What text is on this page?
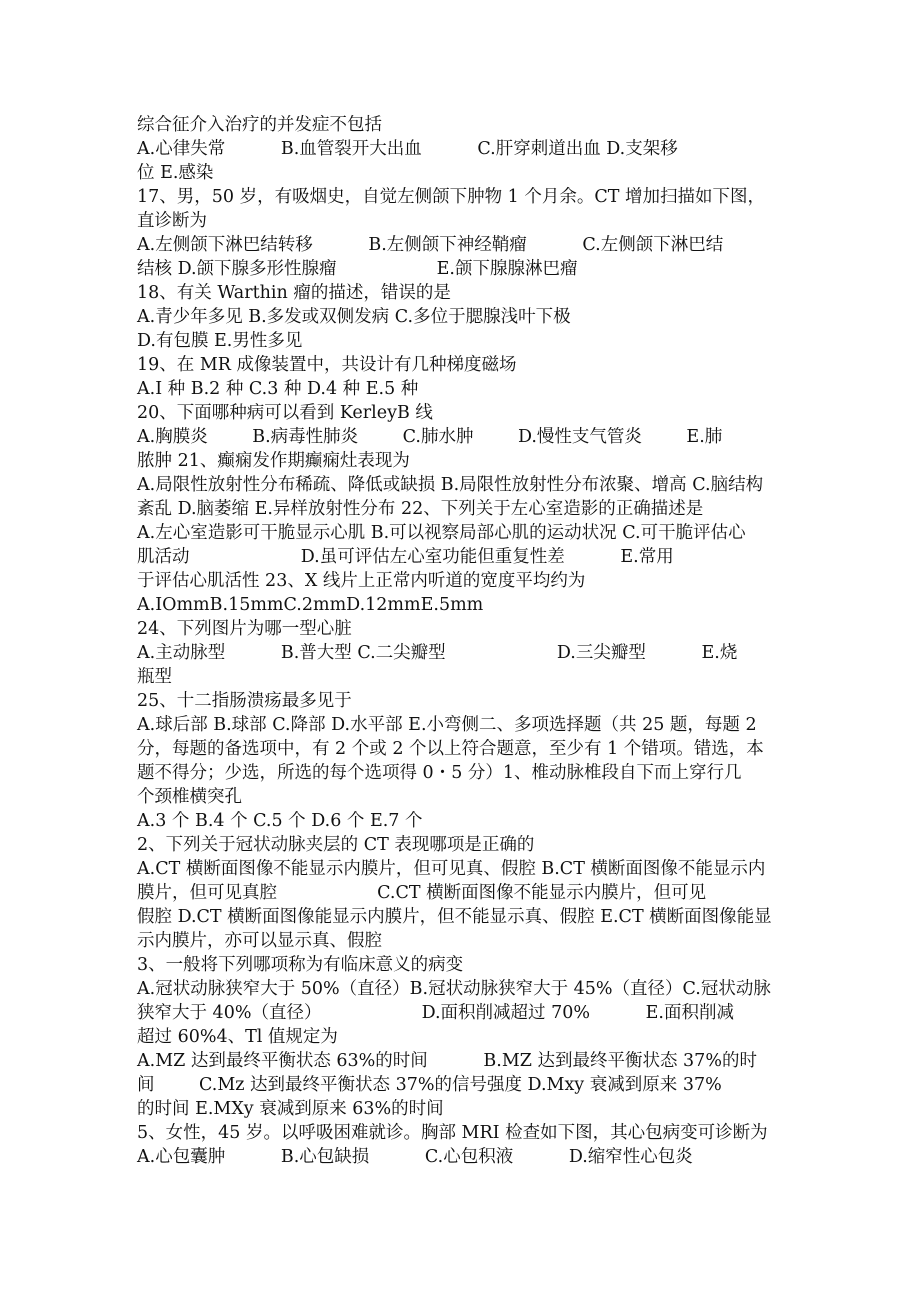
综合征介入治疗的并发症不包括
A.心律失常          B.血管裂开大出血          C.肝穿刺道出血 D.支架移
位 E.感染
17、男，50 岁，有吸烟史，自觉左侧颌下肿物 1 个月余。CT 增加扫描如下图，
直诊断为
A.左侧颌下淋巴结转移          B.左侧颌下神经鞘瘤          C.左侧颌下淋巴结
结核 D.颌下腺多形性腺瘤                  E.颌下腺腺淋巴瘤
18、有关 Warthin 瘤的描述，错误的是
A.青少年多见 B.多发或双侧发病 C.多位于腮腺浅叶下极
D.有包膜 E.男性多见
19、在 MR 成像装置中，共设计有几种梯度磁场
A.I 种 B.2 种 C.3 种 D.4 种 E.5 种
20、下面哪种病可以看到 KerleyB 线
A.胸膜炎        B.病毒性肺炎        C.肺水肿        D.慢性支气管炎        E.肺
脓肿 21、癫痫发作期癫痫灶表现为
A.局限性放射性分布稀疏、降低或缺损 B.局限性放射性分布浓聚、增高 C.脑结构
紊乱 D.脑萎缩 E.异样放射性分布 22、下列关于左心室造影的正确描述是
A.左心室造影可干脆显示心肌 B.可以视察局部心肌的运动状况 C.可干脆评估心
肌活动                    D.虽可评估左心室功能但重复性差          E.常用
于评估心肌活性 23、X 线片上正常内听道的宽度平均约为
A.IOmmB.15mmC.2mmD.12mmE.5mm
24、下列图片为哪一型心脏
A.主动脉型          B.普大型 C.二尖瓣型                    D.三尖瓣型          E.烧
瓶型
25、十二指肠溃疡最多见于
A.球后部 B.球部 C.降部 D.水平部 E.小弯侧二、多项选择题（共 25 题，每题 2
分，每题的备选项中，有 2 个或 2 个以上符合题意，至少有 1 个错项。错选，本
题不得分；少选，所选的每个选项得 0・5 分）1、椎动脉椎段自下而上穿行几
个颈椎横突孔
A.3 个 B.4 个 C.5 个 D.6 个 E.7 个
2、下列关于冠状动脉夹层的 CT 表现哪项是正确的
A.CT 横断面图像不能显示内膜片，但可见真、假腔 B.CT 横断面图像不能显示内
膜片，但可见真腔                  C.CT 横断面图像不能显示内膜片，但可见
假腔 D.CT 横断面图像能显示内膜片，但不能显示真、假腔 E.CT 横断面图像能显
示内膜片，亦可以显示真、假腔
3、一般将下列哪项称为有临床意义的病变
A.冠状动脉狭窄大于 50%（直径）B.冠状动脉狭窄大于 45%（直径）C.冠状动脉
狭窄大于 40%（直径）                  D.面积削减超过 70%          E.面积削减
超过 60%4、Tl 值规定为
A.MZ 达到最终平衡状态 63%的时间          B.MZ 达到最终平衡状态 37%的时
间        C.Mz 达到最终平衡状态 37%的信号强度 D.Mxy 衰减到原来 37%
的时间 E.MXy 衰减到原来 63%的时间
5、女性，45 岁。以呼吸困难就诊。胸部 MRI 检查如下图，其心包病变可诊断为
A.心包囊肿          B.心包缺损          C.心包积液          D.缩窄性心包炎
